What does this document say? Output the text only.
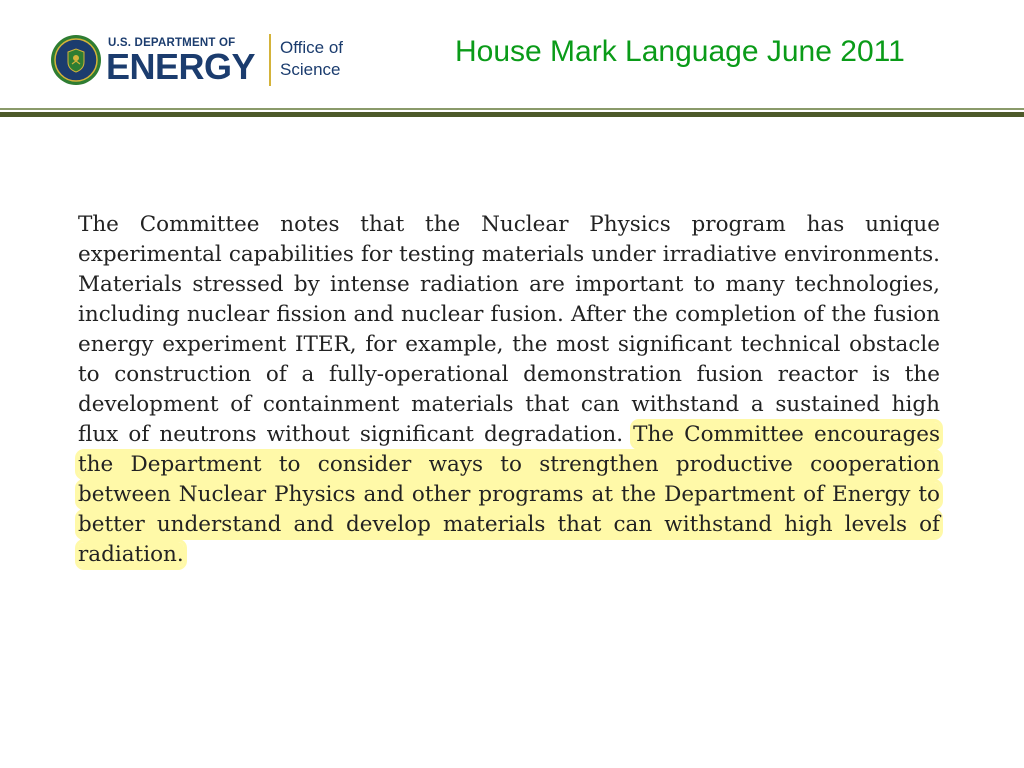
U.S. DEPARTMENT OF
ENERGY Office of
Science
House Mark Language June 2011
The Committee notes that the Nuclear Physics program has unique experimental capabilities for testing materials under irradiative environments. Materials stressed by intense radiation are important to many technologies, including nuclear fission and nuclear fusion. After the completion of the fusion energy experiment ITER, for example, the most significant technical obstacle to construction of a fully-operational demonstration fusion reactor is the development of containment materials that can withstand a sustained high flux of neutrons without significant degradation. The Committee encourages the Department to consider ways to strengthen productive cooperation between Nuclear Physics and other programs at the Department of Energy to better understand and develop materials that can withstand high levels of radiation.
